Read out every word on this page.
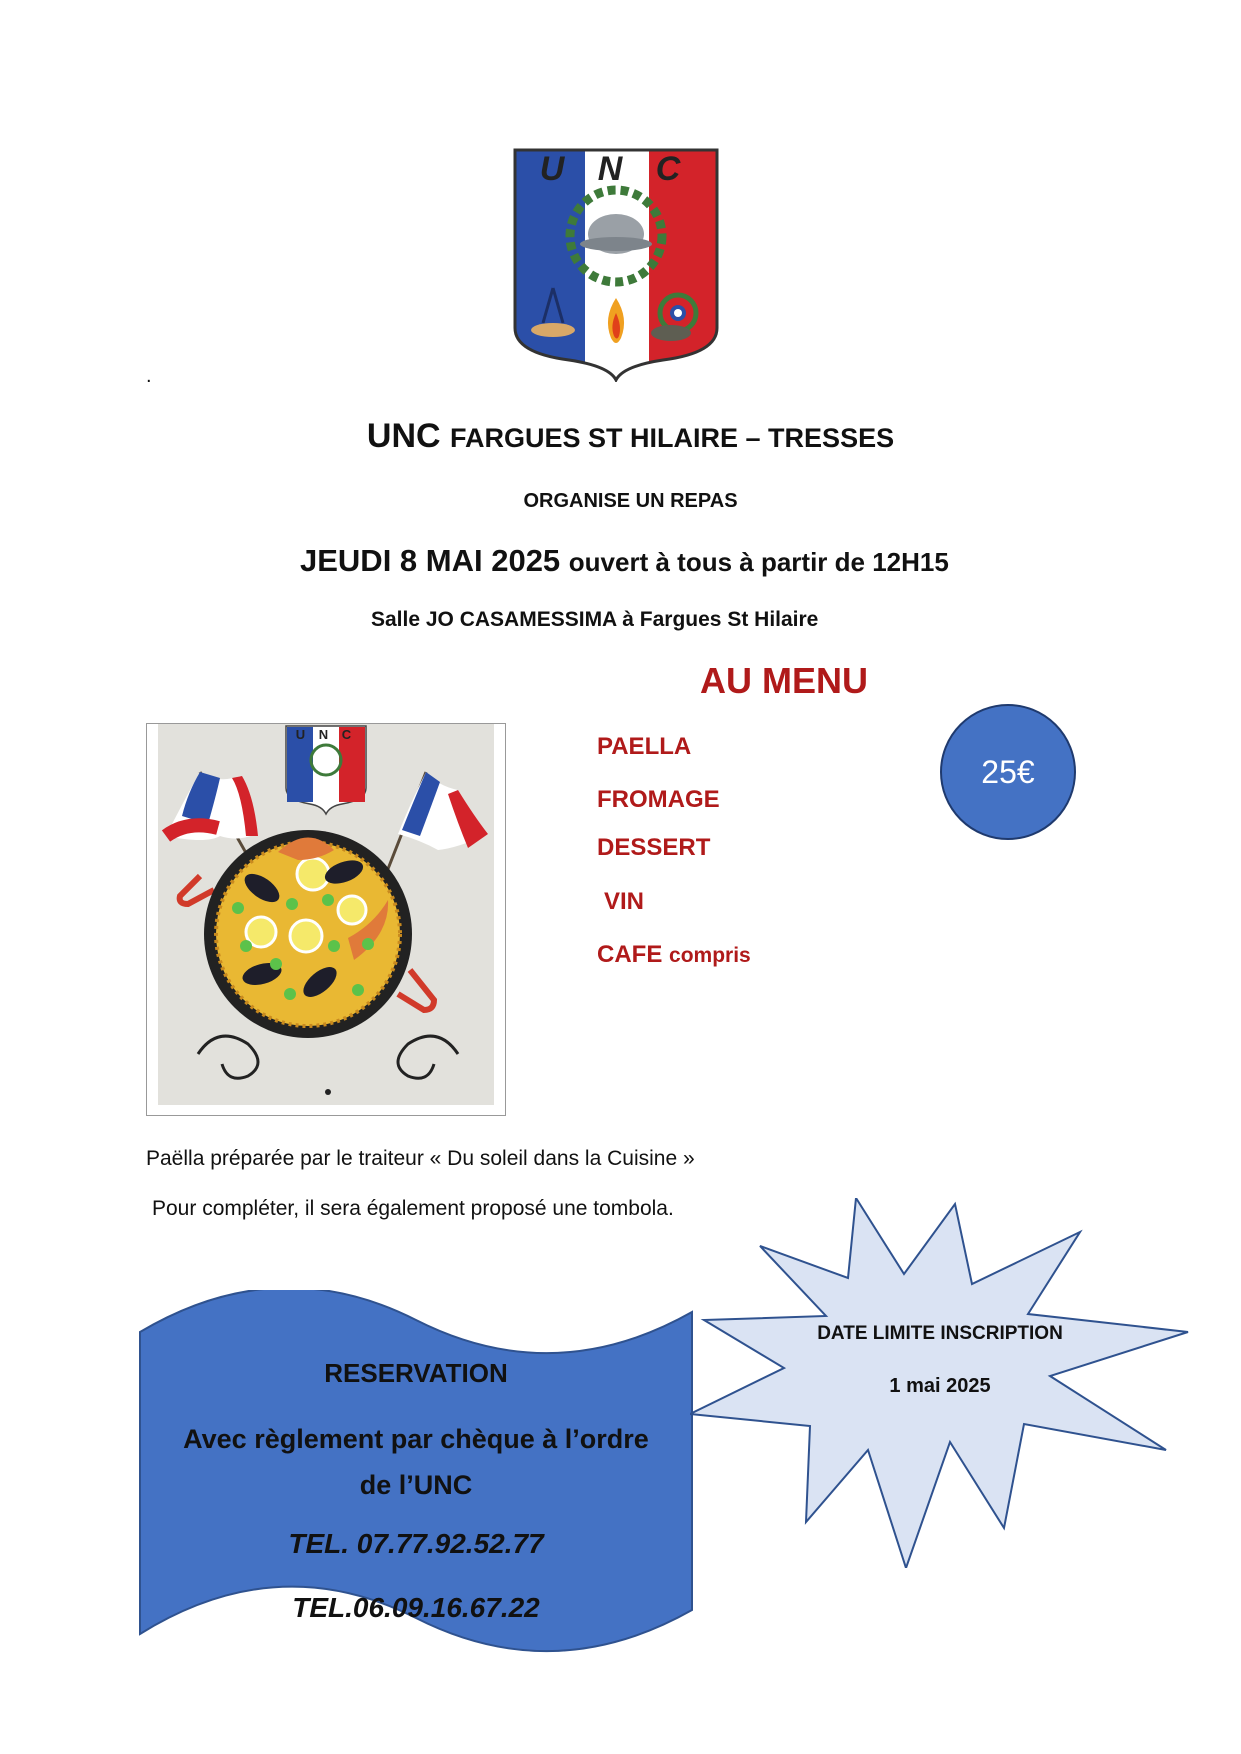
U N C
.
UNC FARGUES ST HILAIRE – TRESSES
ORGANISE UN REPAS
JEUDI 8 MAI 2025 ouvert à tous à partir de 12H15
Salle JO CASAMESSIMA à Fargues St Hilaire
AU MENU
PAELLA
FROMAGE
DESSERT
VIN
CAFE compris
25€
U N C
Paëlla préparée par le traiteur « Du soleil dans la Cuisine »
Pour compléter, il sera également proposé une tombola.
RESERVATION
Avec règlement par chèque à l’ordre
de l’UNC
TEL. 07.77.92.52.77
TEL.06.09.16.67.22
DATE LIMITE INSCRIPTION
1 mai 2025
